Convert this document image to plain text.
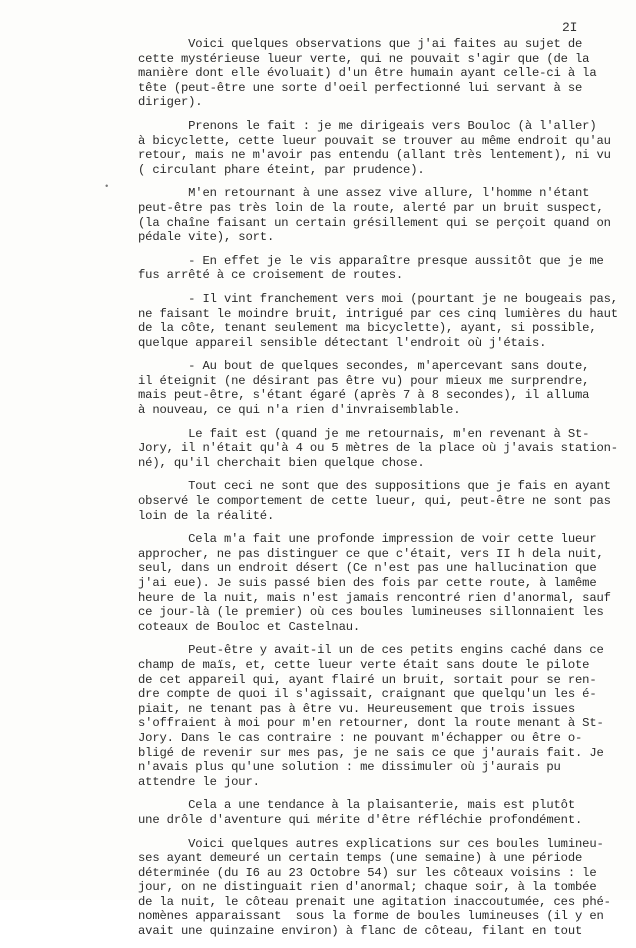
2I
•
Voici quelques observations que j'ai faites au sujet de
cette mystérieuse lueur verte, qui ne pouvait s'agir que (de la
manière dont elle évoluait) d'un être humain ayant celle-ci à la
tête (peut-être une sorte d'oeil perfectionné lui servant à se
diriger).
Prenons le fait : je me dirigeais vers Bouloc (à l'aller)
à bicyclette, cette lueur pouvait se trouver au même endroit qu'au
retour, mais ne m'avoir pas entendu (allant très lentement), ni vu
( circulant phare éteint, par prudence).
M'en retournant à une assez vive allure, l'homme n'étant
peut-être pas très loin de la route, alerté par un bruit suspect,
(la chaîne faisant un certain grésillement qui se perçoit quand on
pédale vite), sort.
- En effet je le vis apparaître presque aussitôt que je me
fus arrêté à ce croisement de routes.
- Il vint franchement vers moi (pourtant je ne bougeais pas,
ne faisant le moindre bruit, intrigué par ces cinq lumières du haut
de la côte, tenant seulement ma bicyclette), ayant, si possible,
quelque appareil sensible détectant l'endroit où j'étais.
- Au bout de quelques secondes, m'apercevant sans doute,
il éteignit (ne désirant pas être vu) pour mieux me surprendre,
mais peut-être, s'étant égaré (après 7 à 8 secondes), il alluma
à nouveau, ce qui n'a rien d'invraisemblable.
Le fait est (quand je me retournais, m'en revenant à St-
Jory, il n'était qu'à 4 ou 5 mètres de la place où j'avais station-
né), qu'il cherchait bien quelque chose.
Tout ceci ne sont que des suppositions que je fais en ayant
observé le comportement de cette lueur, qui, peut-être ne sont pas
loin de la réalité.
Cela m'a fait une profonde impression de voir cette lueur
approcher, ne pas distinguer ce que c'était, vers II h dela nuit,
seul, dans un endroit désert (Ce n'est pas une hallucination que
j'ai eue). Je suis passé bien des fois par cette route, à lamême
heure de la nuit, mais n'est jamais rencontré rien d'anormal, sauf
ce jour-là (le premier) où ces boules lumineuses sillonnaient les
coteaux de Bouloc et Castelnau.
Peut-être y avait-il un de ces petits engins caché dans ce
champ de maïs, et, cette lueur verte était sans doute le pilote
de cet appareil qui, ayant flairé un bruit, sortait pour se ren-
dre compte de quoi il s'agissait, craignant que quelqu'un les é-
piait, ne tenant pas à être vu. Heureusement que trois issues
s'offraient à moi pour m'en retourner, dont la route menant à St-
Jory. Dans le cas contraire : ne pouvant m'échapper ou être o-
bligé de revenir sur mes pas, je ne sais ce que j'aurais fait. Je
n'avais plus qu'une solution : me dissimuler où j'aurais pu
attendre le jour.
Cela a une tendance à la plaisanterie, mais est plutôt
une drôle d'aventure qui mérite d'être réfléchie profondément.
Voici quelques autres explications sur ces boules lumineu-
ses ayant demeuré un certain temps (une semaine) à une période
déterminée (du I6 au 23 Octobre 54) sur les côteaux voisins : le
jour, on ne distinguait rien d'anormal; chaque soir, à la tombée
de la nuit, le côteau prenait une agitation inaccoutumée, ces phé-
nomènes apparaissant  sous la forme de boules lumineuses (il y en
avait une quinzaine environ) à flanc de côteau, filant en tout
